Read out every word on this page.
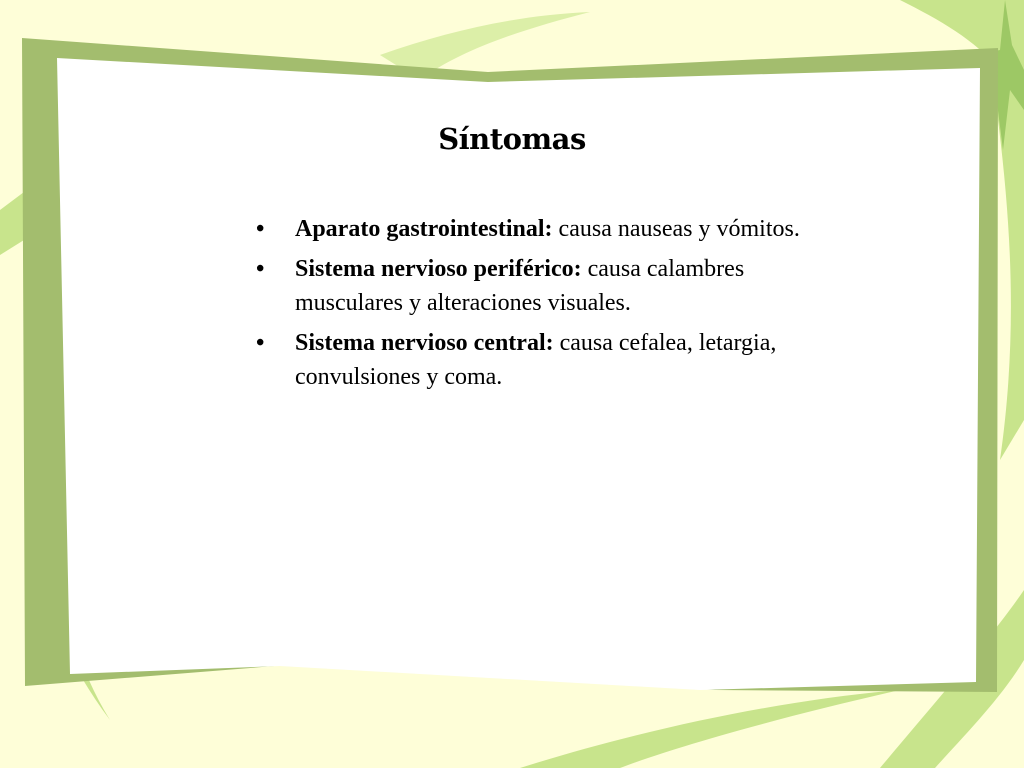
Síntomas
• Aparato gastrointestinal: causa nauseas y vómitos.
• Sistema nervioso periférico: causa calambres musculares y alteraciones visuales.
• Sistema nervioso central: causa cefalea, letargia, convulsiones y coma.
